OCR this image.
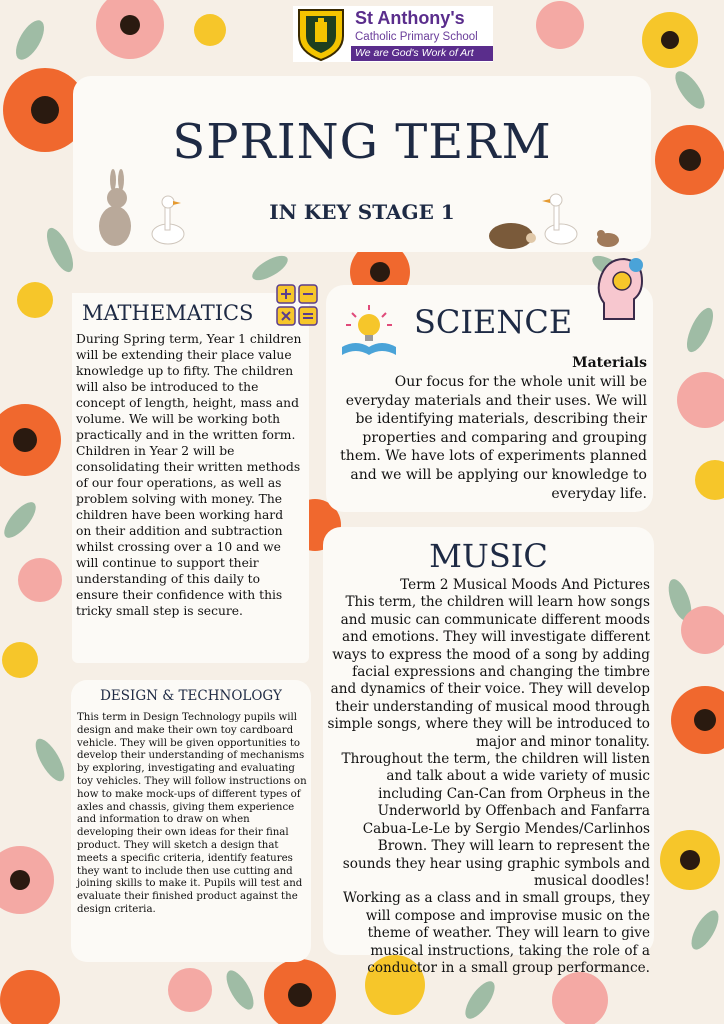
St Anthony's
Catholic Primary School
We are God's Work of Art
SPRING TERM
IN KEY STAGE 1
MATHEMATICS
During Spring term, Year 1 children will be extending their place value knowledge up to fifty. The children will also be introduced to the concept of length, height, mass and volume. We will be working both practically and in the written form. Children in Year 2 will be consolidating their written methods of our four operations, as well as problem solving with money. The children have been working hard on their addition and subtraction whilst crossing over a 10 and we will continue to support their understanding of this daily to ensure their confidence with this tricky small step is secure.
SCIENCE
Materials
Our focus for the whole unit will be everyday materials and their uses. We will be identifying materials, describing their properties and comparing and grouping them. We have lots of experiments planned and we will be applying our knowledge to everyday life.
MUSIC

Term 2 Musical Moods And Pictures

This term, the children will learn how songs and music can communicate different moods and emotions. They will investigate different ways to express the mood of a song by adding facial expressions and changing the timbre and dynamics of their voice. They will develop their understanding of musical mood through simple songs, where they will be introduced to major and minor tonality.

Throughout the term, the children will listen and talk about a wide variety of music including Can-Can from Orpheus in the Underworld by Offenbach and Fanfarra Cabua-Le-Le by Sergio Mendes/Carlinhos Brown. They will learn to represent the sounds they hear using graphic symbols and musical doodles!

Working as a class and in small groups, they will compose and improvise music on the theme of weather. They will learn to give musical instructions, taking the role of a conductor in a small group performance.

DESIGN & TECHNOLOGY
This term in Design Technology pupils will design and make their own toy cardboard vehicle. They will be given opportunities to develop their understanding of mechanisms by exploring, investigating and evaluating toy vehicles. They will follow instructions on how to make mock-ups of different types of axles and chassis, giving them experience and information to draw on when developing their own ideas for their final product. They will sketch a design that meets a specific criteria, identify features they want to include then use cutting and joining skills to make it. Pupils will test and evaluate their finished product against the design criteria.
